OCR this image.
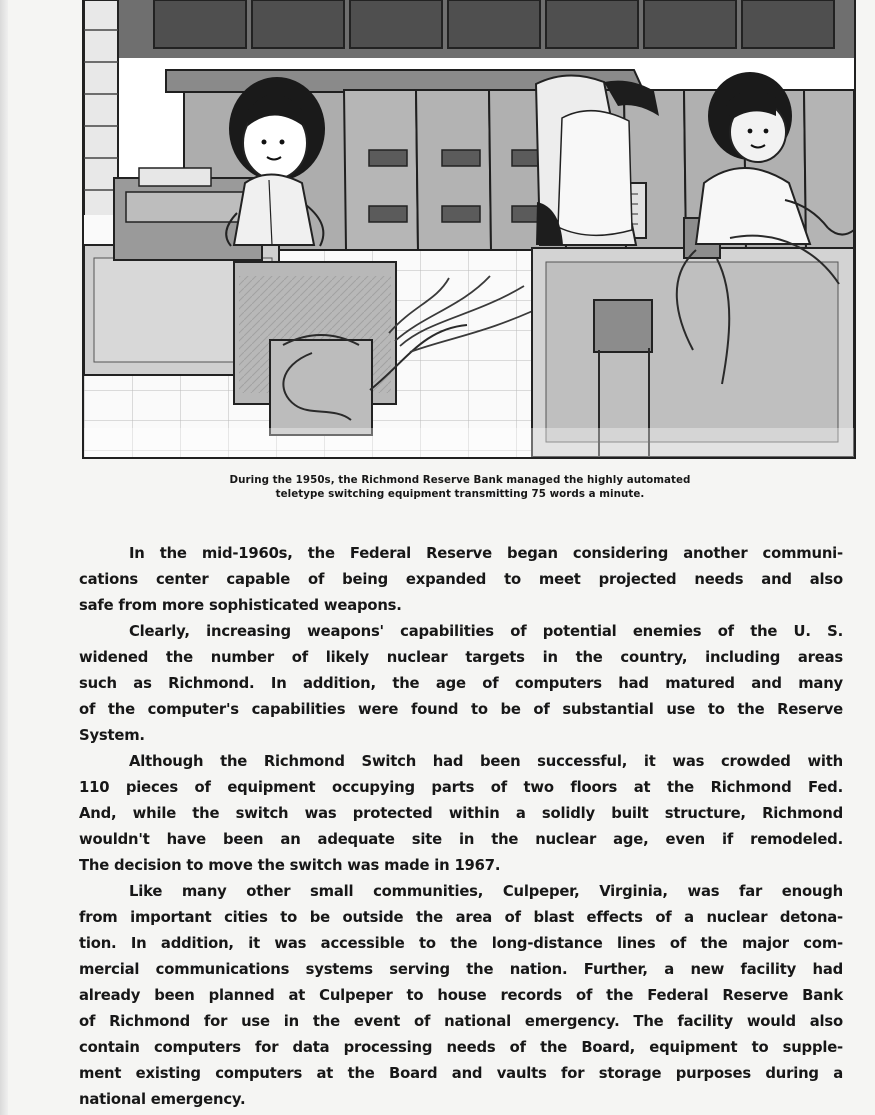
During the 1950s, the Richmond Reserve Bank managed the highly automated
teletype switching equipment transmitting 75 words a minute.
In the mid-1960s, the Federal Reserve began considering another communi-
cations center capable of being expanded to meet projected needs and also
safe from more sophisticated weapons.
Clearly, increasing weapons' capabilities of potential enemies of the U. S.
widened the number of likely nuclear targets in the country, including areas
such as Richmond. In addition, the age of computers had matured and many
of the computer's capabilities were found to be of substantial use to the Reserve
System.
Although the Richmond Switch had been successful, it was crowded with
110 pieces of equipment occupying parts of two floors at the Richmond Fed.
And, while the switch was protected within a solidly built structure, Richmond
wouldn't have been an adequate site in the nuclear age, even if remodeled.
The decision to move the switch was made in 1967.
Like many other small communities, Culpeper, Virginia, was far enough
from important cities to be outside the area of blast effects of a nuclear detona-
tion. In addition, it was accessible to the long-distance lines of the major com-
mercial communications systems serving the nation. Further, a new facility had
already been planned at Culpeper to house records of the Federal Reserve Bank
of Richmond for use in the event of national emergency. The facility would also
contain computers for data processing needs of the Board, equipment to supple-
ment existing computers at the Board and vaults for storage purposes during a
national emergency.
